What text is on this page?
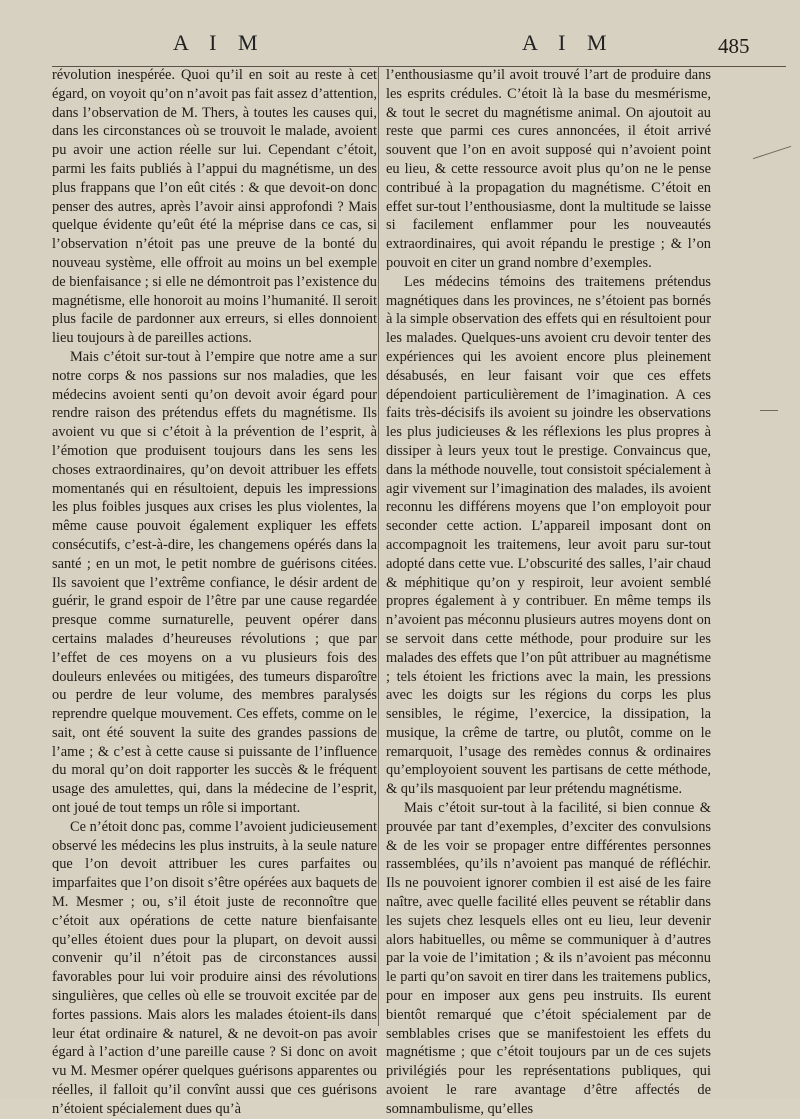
A I M	A I M	485

révolution inespérée. Quoi qu’il en soit au reste à cet égard, on voyoit qu’on n’avoit pas fait assez d’attention, dans l’observation de M. Thers, à toutes les causes qui, dans les circonstances où se trouvoit le malade, avoient pu avoir une action réelle sur lui. Cependant c’étoit, parmi les faits publiés à l’appui du magnétisme, un des plus frappans que l’on eût cités : & que devoit-on donc penser des autres, après l’avoir ainsi approfondi ? Mais quelque évidente qu’eût été la méprise dans ce cas, si l’observation n’étoit pas une preuve de la bonté du nouveau système, elle offroit au moins un bel exemple de bienfaisance ; si elle ne démontroit pas l’existence du magnétisme, elle honoroit au moins l’humanité. Il seroit plus facile de pardonner aux erreurs, si elles donnoient lieu toujours à de pareilles actions.

Mais c’étoit sur-tout à l’empire que notre ame a sur notre corps & nos passions sur nos maladies, que les médecins avoient senti qu’on devoit avoir égard pour rendre raison des prétendus effets du magnétisme. Ils avoient vu que si c’étoit à la prévention de l’esprit, à l’émotion que produisent toujours dans les sens les choses extraordinaires, qu’on devoit attribuer les effets momentanés qui en résultoient, depuis les impressions les plus foibles jusques aux crises les plus violentes, la même cause pouvoit également expliquer les effets consécutifs, c’est-à-dire, les changemens opérés dans la santé ; en un mot, le petit nombre de guérisons citées. Ils savoient que l’extrême confiance, le désir ardent de guérir, le grand espoir de l’être par une cause regardée presque comme surnaturelle, peuvent opérer dans certains malades d’heureuses révolutions ; que par l’effet de ces moyens on a vu plusieurs fois des douleurs enlevées ou mitigées, des tumeurs disparoître ou perdre de leur volume, des membres paralysés reprendre quelque mouvement. Ces effets, comme on le sait, ont été souvent la suite des grandes passions de l’ame ; & c’est à cette cause si puissante de l’influence du moral qu’on doit rapporter les succès & le fréquent usage des amulettes, qui, dans la médecine de l’esprit, ont joué de tout temps un rôle si important.

Ce n’étoit donc pas, comme l’avoient judicieusement observé les médecins les plus instruits, à la seule nature que l’on devoit attribuer les cures parfaites ou imparfaites que l’on disoit s’être opérées aux baquets de M. Mesmer ; ou, s’il étoit juste de reconnoître que c’étoit aux opérations de cette nature bienfaisante qu’elles étoient dues pour la plupart, on devoit aussi convenir qu’il n’étoit pas de circonstances aussi favorables pour lui voir produire ainsi des révolutions singulières, que celles où elle se trouvoit excitée par de fortes passions. Mais alors les malades étoient-ils dans leur état ordinaire & naturel, & ne devoit-on pas avoir égard à l’action d’une pareille cause ? Si donc on avoit vu M. Mesmer opérer quelques guérisons apparentes ou réelles, il falloit qu’il convînt aussi que ces guérisons n’étoient spécialement dues qu’à

l’enthousiasme qu’il avoit trouvé l’art de produire dans les esprits crédules. C’étoit là la base du mesmérisme, & tout le secret du magnétisme animal. On ajoutoit au reste que parmi ces cures annoncées, il étoit arrivé souvent que l’on en avoit supposé qui n’avoient point eu lieu, & cette ressource avoit plus qu’on ne le pense contribué à la propagation du magnétisme. C’étoit en effet sur-tout l’enthousiasme, dont la multitude se laisse si facilement enflammer pour les nouveautés extraordinaires, qui avoit répandu le prestige ; & l’on pouvoit en citer un grand nombre d’exemples.

Les médecins témoins des traitemens prétendus magnétiques dans les provinces, ne s’étoient pas bornés à la simple observation des effets qui en résultoient pour les malades. Quelques-uns avoient cru devoir tenter des expériences qui les avoient encore plus pleinement désabusés, en leur faisant voir que ces effets dépendoient particulièrement de l’imagination. A ces faits très-décisifs ils avoient su joindre les observations les plus judicieuses & les réflexions les plus propres à dissiper à leurs yeux tout le prestige. Convaincus que, dans la méthode nouvelle, tout consistoit spécialement à agir vivement sur l’imagination des malades, ils avoient reconnu les différens moyens que l’on employoit pour seconder cette action. L’appareil imposant dont on accompagnoit les traitemens, leur avoit paru sur-tout adopté dans cette vue. L’obscurité des salles, l’air chaud & méphitique qu’on y respiroit, leur avoient semblé propres également à y contribuer. En même temps ils n’avoient pas méconnu plusieurs autres moyens dont on se servoit dans cette méthode, pour produire sur les malades des effets que l’on pût attribuer au magnétisme ; tels étoient les frictions avec la main, les pressions avec les doigts sur les régions du corps les plus sensibles, le régime, l’exercice, la dissipation, la musique, la crême de tartre, ou plutôt, comme on le remarquoit, l’usage des remèdes connus & ordinaires qu’employoient souvent les partisans de cette méthode, & qu’ils masquoient par leur prétendu magnétisme.

Mais c’étoit sur-tout à la facilité, si bien connue & prouvée par tant d’exemples, d’exciter des convulsions & de les voir se propager entre différentes personnes rassemblées, qu’ils n’avoient pas manqué de réfléchir. Ils ne pouvoient ignorer combien il est aisé de les faire naître, avec quelle facilité elles peuvent se rétablir dans les sujets chez lesquels elles ont eu lieu, leur devenir alors habituelles, ou même se communiquer à d’autres par la voie de l’imitation ; & ils n’avoient pas méconnu le parti qu’on savoit en tirer dans les traitemens publics, pour en imposer aux gens peu instruits. Ils eurent bientôt remarqué que c’étoit spécialement par de semblables crises que se manifestoient les effets du magnétisme ; que c’étoit toujours par un de ces sujets privilégiés pour les représentations publiques, qui avoient le rare avantage d’être affectés de somnambulisme, qu’elles
